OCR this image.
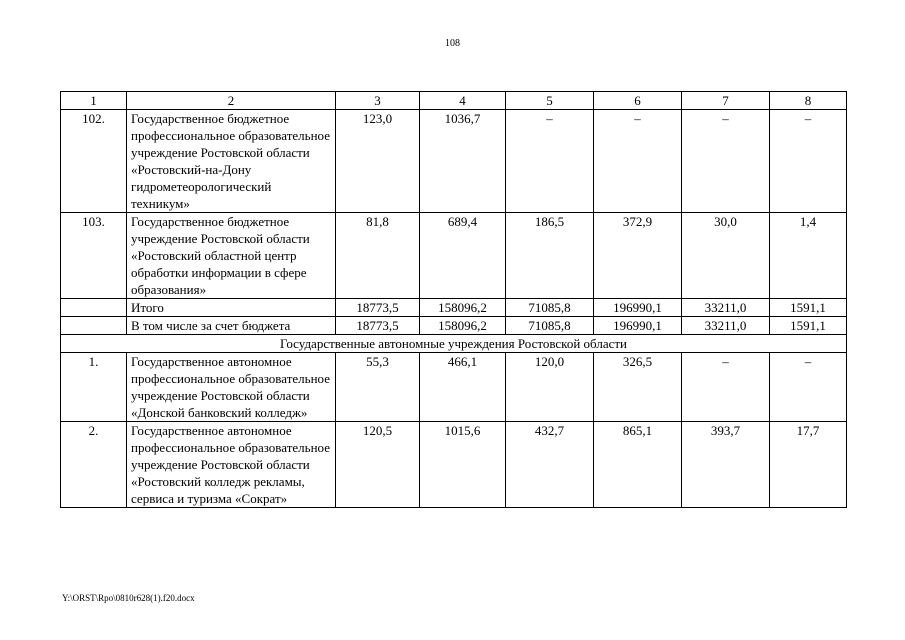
108
1	2	3	4	5	6	7	8
102.	Государственное бюджетное профессиональное образовательное учреждение Ростовской области «Ростовский-на-Дону гидрометеорологический техникум»	123,0	1036,7	–	–	–	–
103.	Государственное бюджетное учреждение Ростовской области «Ростовский областной центр обработки информации в сфере образования»	81,8	689,4	186,5	372,9	30,0	1,4
	Итого	18773,5	158096,2	71085,8	196990,1	33211,0	1591,1
	В том числе за счет бюджета	18773,5	158096,2	71085,8	196990,1	33211,0	1591,1
Государственные автономные учреждения Ростовской области							
1.	Государственное автономное профессиональное образовательное учреждение Ростовской области «Донской банковский колледж»	55,3	466,1	120,0	326,5	–	–
2.	Государственное автономное профессиональное образовательное учреждение Ростовской области «Ростовский колледж рекламы, сервиса и туризма «Сократ»	120,5	1015,6	432,7	865,1	393,7	17,7
Y:\ORST\Rpo\0810r628(1).f20.docx
